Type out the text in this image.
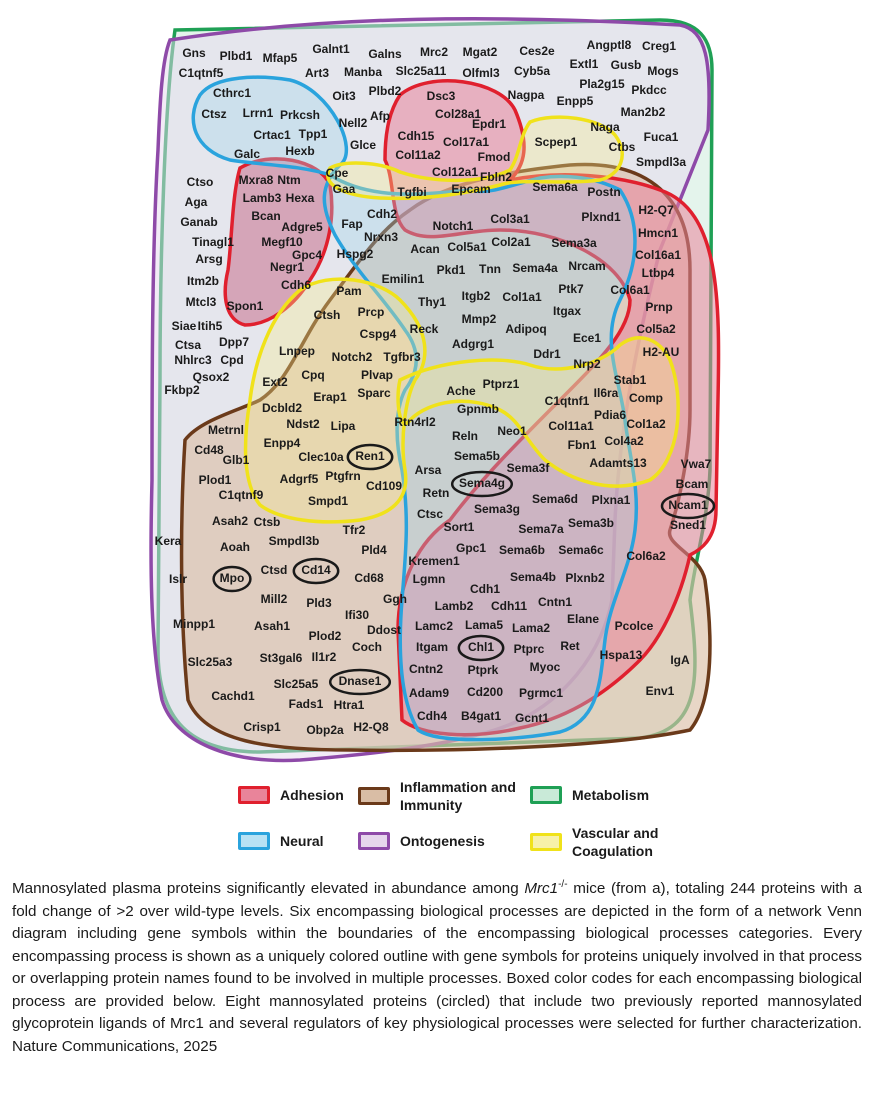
Gns Plbd1 Mfap5
Galnt1 Galns Mrc2 Mgat2 Ces2e	Angptl8 Creg1
C1qtnf5	Art3 Manba Slc25a11 Olfml3 Cyb5a Extl1 Gusb Mogs
Oit3 Plbd2	Nagpa
Pla2g15
Enpp5
Pkdcc
Cthrc1
Ctsz Lrrn1 Prkcsh
Crtac1 Tpp1
Galc Hexb
Nell2 Afp
Glce
Dsc3
Col28a1
Cdh15 Col17a1
Epdr1
Col11a2	Fmod
Col12a1 Fbln2
Epcam
Tgfbi
Naga
Man2b2
Ctbs
Fuca1
Smpdl3a
Scpep1
Ctso
Aga
Ganab
Tinagl1
Arsg
Itm2b
Mtcl3
Siae Itih5
Ctsa Dpp7
Nhlrc3 Cpd
Qsox2
Fkbp2
Mxra8 Ntm
Lamb3 Hexa
Bcan
Adgre5
Megf10
Gpc4
Negr1
Cdh6
Spon1
Cpe
Gaa
Fap
Cdh2
Nrxn3
Hspg2
Notch1 Col3a1
Sema6a Postn
Plxnd1
Acan Col5a1 Col2a1 Sema3a
H2-Q7
Hmcn1
Col16a1
Ltbp4
Col6a1
Prnp
Col5a2
H2-AU
Emilin1
Pkd1 Tnn Sema4a Nrcam
Ptk7
Thy1 Itgb2 Col1a1
Itgax
Mmp2
Adipoq
Reck
Ece1
Adgrg1
Ddr1
Nrp2
Pam
Ctsh Prcp
Cspg4
Lnpep Notch2 Tgfbr3
Cpq	Plvap
Ext2
Erap1 Sparc
Dcbld2
Ndst2 Lipa
Enpp4
Clec10a Ren1
Adgrf5 Ptgfrn
Cd109
Smpd1
Rtn4rl2
Ache Ptprz1
Gpnmb
Reln Neo1
Sema5b
Sema3f
Sema4g
Arsa
Retn	Sema6d Plxna1
Sema3g
Ctsc
Sort1	Sema7a Sema3b
Gpc1 Sema6b Sema6c
Kremen1
Lgmn	Sema4b Plxnb2
Cdh1
Cntn1
Lamb2 Cdh11
Elane
Lamc2 Lama5 Lama2
Itgam Chl1 Ptprc Ret
Cntn2 Ptprk	Myoc
Adam9 Cd200 Pgrmc1
Cdh4 B4gat1 Gcnt1
C1qtnf1
Stab1
Il6ra Comp
Pdia6
Col11a1	Col1a2
Fbn1 Col4a2
Adamts13	Vwa7
Bcam
Ncam1
Sned1
Col6a2
Metrnl
Cd48
Glb1
Plod1
C1qtnf9
Asah2 Ctsb
Tfr2
Aoah Smpdl3b
Pld4
Mpo
Ctsd Cd14
Cd68
Ggh
Mill2 Pld3
Ifi30
Asah1	Ddost
Plod2
Coch
St3gal6 Il1r2
Slc25a5 Dnase1
Fads1 Htra1
Obp2a H2-Q8
Pcolce
Hspa13 IgA
Env1
Kera
Islr
Minpp1
Slc25a3
Cachd1
Crisp1
Adhesion	Inflammation and
Immunity
Metabolism
Neural	Ontogenesis	Vascular and
Coagulation
Mannosylated plasma proteins significantly elevated in abundance among Mrc1-/- mice (from a), totaling 244 proteins with a fold change of >2 over wild-type levels. Six encompassing biological processes are depicted in the form of a network Venn diagram including gene symbols within the boundaries of the encompassing biological processes categories. Every encompassing process is shown as a uniquely colored outline with gene symbols for proteins uniquely involved in that process or overlapping protein names found to be involved in multiple processes. Boxed color codes for each encompassing biological process are provided below. Eight mannosylated proteins (circled) that include two previously reported mannosylated glycoprotein ligands of Mrc1 and several regulators of key physiological processes were selected for further characterization. Nature Communications, 2025
